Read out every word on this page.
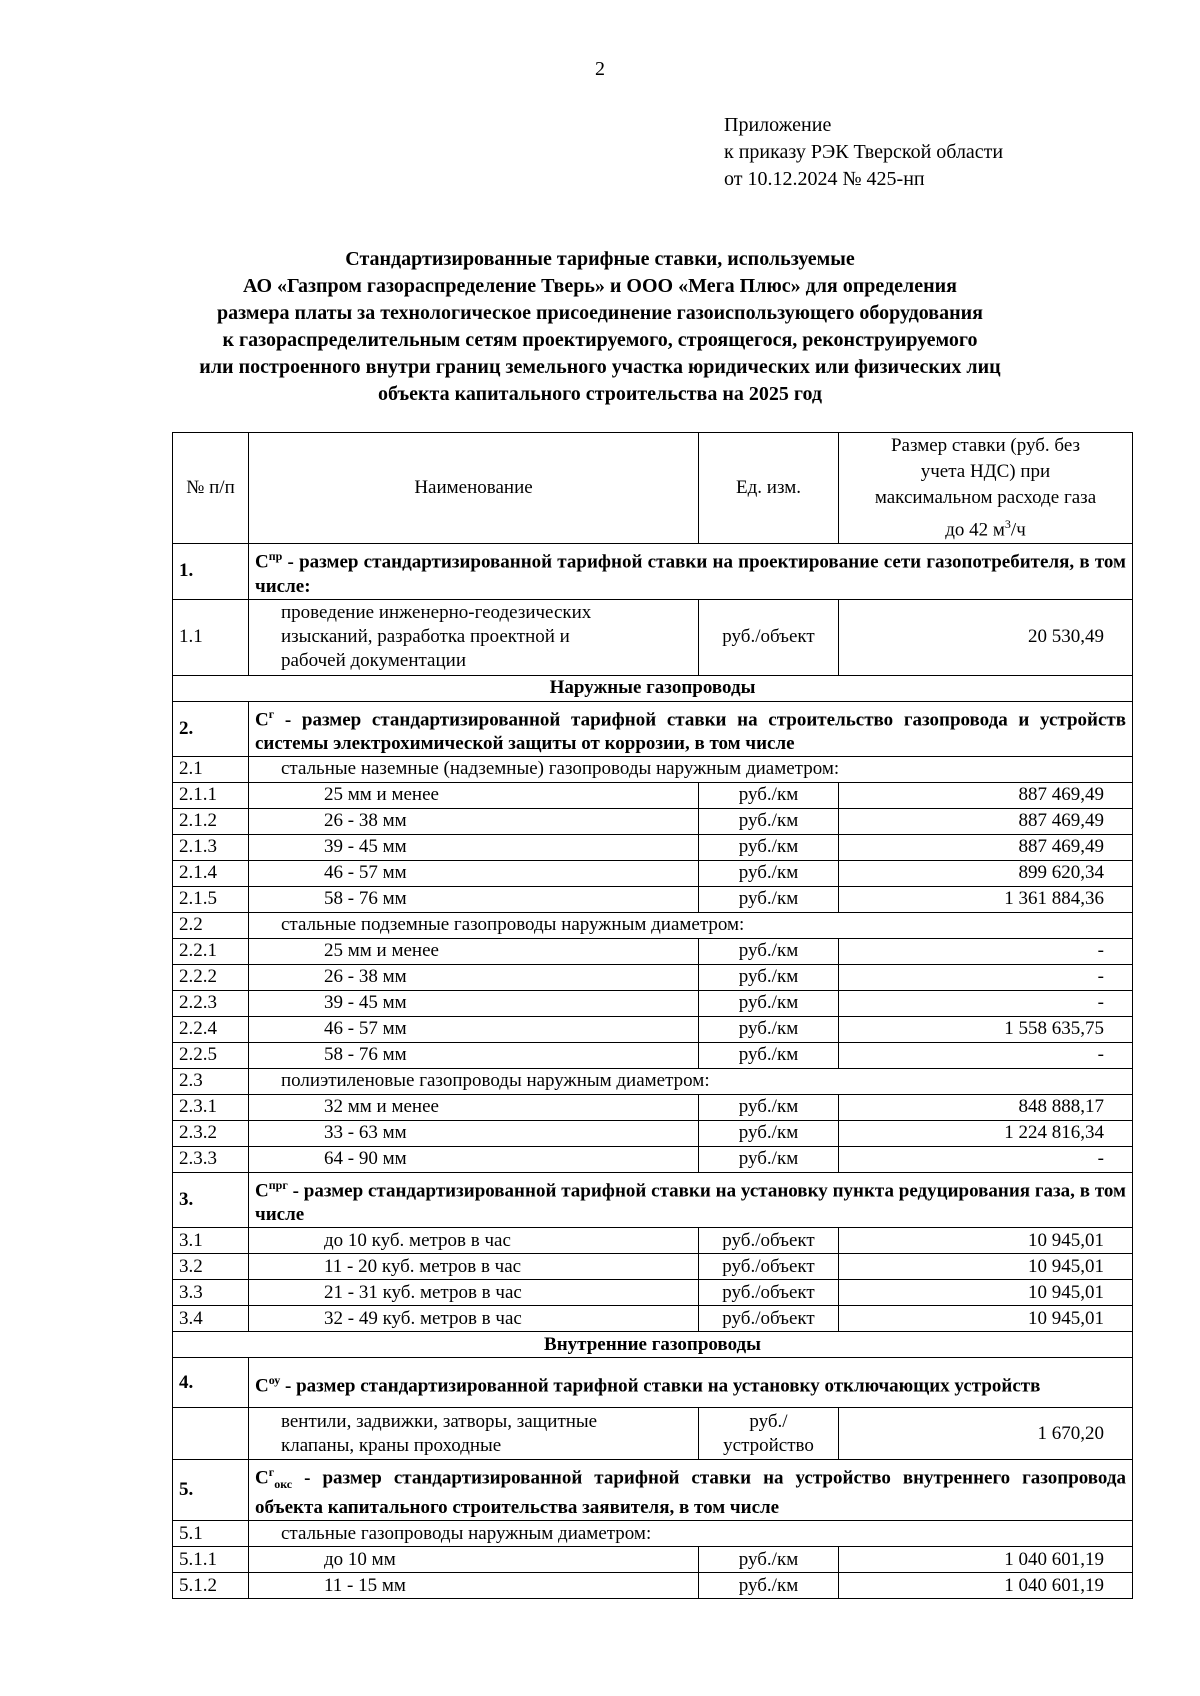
2
Приложение
к приказу РЭК Тверской области
от 10.12.2024 № 425-нп
Стандартизированные тарифные ставки, используемые
АО «Газпром газораспределение Тверь» и ООО «Мега Плюс» для определения
размера платы за технологическое присоединение газоиспользующего оборудования
к газораспределительным сетям проектируемого, строящегося, реконструируемого
или построенного внутри границ земельного участка юридических или физических лиц
объекта капитального строительства на 2025 год
№ п/п	Наименование	Ед. изм.	Размер ставки (руб. без
учета НДС) при
максимальном расходе газа
до 42 $м^3/ч$
1.	$С^{пр}$ - размер стандартизированной тарифной ставки на проектирование сети газопотребителя, в том числе:		
1.1	проведение инженерно-геодезических
изысканий, разработка проектной и
рабочей документации	руб./объект	20 530,49
Наружные газопроводы			
2.	$С^г$ - размер стандартизированной тарифной ставки на строительство газопровода и устройств системы электрохимической защиты от коррозии, в том числе		
2.1	стальные наземные (надземные) газопроводы наружным диаметром:		
2.1.1	25 мм и менее	руб./км	887 469,49
2.1.2	26 - 38 мм	руб./км	887 469,49
2.1.3	39 - 45 мм	руб./км	887 469,49
2.1.4	46 - 57 мм	руб./км	899 620,34
2.1.5	58 - 76 мм	руб./км	1 361 884,36
2.2	стальные подземные газопроводы наружным диаметром:		
2.2.1	25 мм и менее	руб./км	-
2.2.2	26 - 38 мм	руб./км	-
2.2.3	39 - 45 мм	руб./км	-
2.2.4	46 - 57 мм	руб./км	1 558 635,75
2.2.5	58 - 76 мм	руб./км	-
2.3	полиэтиленовые газопроводы наружным диаметром:		
2.3.1	32 мм и менее	руб./км	848 888,17
2.3.2	33 - 63 мм	руб./км	1 224 816,34
2.3.3	64 - 90 мм	руб./км	-
3.	$С^{прг}$ - размер стандартизированной тарифной ставки на установку пункта редуцирования газа, в том числе		
3.1	до 10 куб. метров в час	руб./объект	10 945,01
3.2	11 - 20 куб. метров в час	руб./объект	10 945,01
3.3	21 - 31 куб. метров в час	руб./объект	10 945,01
3.4	32 - 49 куб. метров в час	руб./объект	10 945,01
Внутренние газопроводы			
4.	$С^{оу}$ - размер стандартизированной тарифной ставки на установку отключающих устройств		
	вентили, задвижки, затворы, защитные
клапаны, краны проходные	руб./
устройство	1 670,20
5.	$С^г_{окс}$ - размер стандартизированной тарифной ставки на устройство внутреннего газопровода объекта капитального строительства заявителя, в том числе		
5.1	стальные газопроводы наружным диаметром:		
5.1.1	до 10 мм	руб./км	1 040 601,19
5.1.2	11 - 15 мм	руб./км	1 040 601,19
